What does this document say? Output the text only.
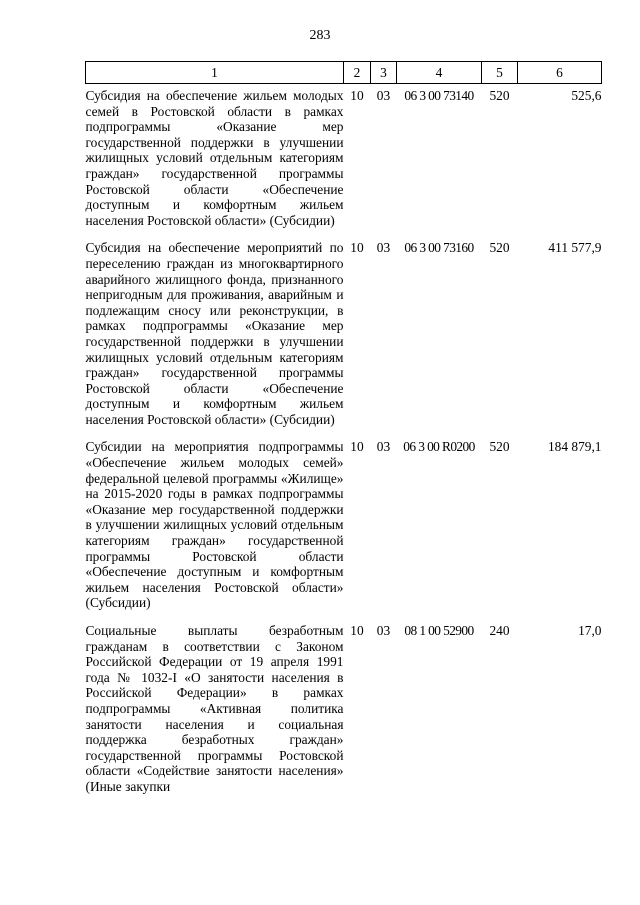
283
1	2	3	4	5	6

Субсидия на обеспечение жильем молодых семей в Ростовской области в рамках подпрограммы «Оказание мер государственной поддержки в улучшении жилищных условий отдельным категориям граждан» государственной программы Ростовской области «Обеспечение доступным и комфортным жильем населения Ростовской области» (Субсидии)	10	03	06 3 00 73140	520	525,6

Субсидия на обеспечение мероприятий по переселению граждан из многоквартирного аварийного жилищного фонда, признанного непригодным для проживания, аварийным и подлежащим сносу или реконструкции, в рамках подпрограммы «Оказание мер государственной поддержки в улучшении жилищных условий отдельным категориям граждан» государственной программы Ростовской области «Обеспечение доступным и комфортным жильем населения Ростовской области» (Субсидии)	10	03	06 3 00 73160	520	411 577,9

Субсидии на мероприятия подпрограммы «Обеспечение жильем молодых семей» федеральной целевой программы «Жилище» на 2015-2020 годы в рамках подпрограммы «Оказание мер государственной поддержки в улучшении жилищных условий отдельным категориям граждан» государственной программы Ростовской области «Обеспечение доступным и комфортным жильем населения Ростовской области» (Субсидии)	10	03	06 3 00 R0200	520	184 879,1

Социальные выплаты безработным гражданам в соответствии с Законом Российской Федерации от 19 апреля 1991 года № 1032-I «О занятости населения в Российской Федерации» в рамках подпрограммы «Активная политика занятости населения и социальная поддержка безработных граждан» государственной программы Ростовской области «Содействие занятости населения» (Иные закупки	10	03	08 1 00 52900	240	17,0
